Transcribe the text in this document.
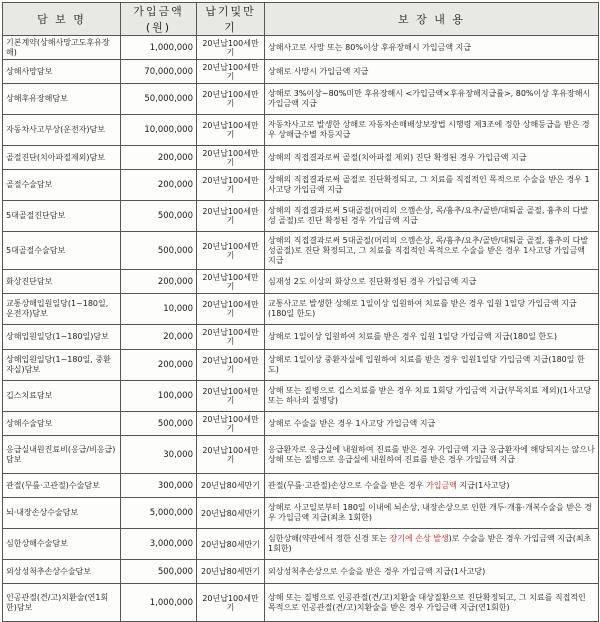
담 보 명	가입금액(원)	납기및만기	보 장 내 용
기본계약(상해사망고도후유장해)	1,000,000	20년납100세만기	상해사고로 사망 또는 80%이상 후유장해시 가입금액 지급
상해사망담보	70,000,000	20년납100세만기	상해로 사망시 가입금액 지급
상해후유장해담보	50,000,000	20년납100세만기	상해로 3%이상~80%미만 후유장해시 <가입금액×후유장해지급률>, 80%이상 후유장해시 가입금액 지급
자동차사고부상(운전자)담보	10,000,000	20년납100세만기	자동차사고로 발생한 상해로 자동차손해배상보장법 시행령 제3조에 정한 상해등급을 받은 경우 상해급수별 차등지급
골절진단(치아파절제외)담보	200,000	20년납100세만기	상해의 직접결과로써 골절(치아파절 제외) 진단 확정된 경우 가입금액 지급
골절수술담보	200,000	20년납100세만기	상해의 직접결과로써 골절로 진단확정되고, 그 치료를 직접적인 목적으로 수술을 받은 경우 1사고당 가입금액 지급
5대골절진단담보	500,000	20년납100세만기	상해의 직접결과로써 5대골절(머리의 으깸손상, 목/흉추/요추/골반/대퇴골 골절, 흉추의 다발성 골절)로 진단 확정된 경우 가입금액 지급
5대골절수술담보	500,000	20년납100세만기	상해의 직접결과로써 5대골절(머리의 으깸손상, 목/흉추/요추/골반/대퇴골 골절, 흉추의 다발성골절)로 진단 확정되고, 그 치료를 직접적인 목적으로 수술을 받은 경우 1사고당 가입금액 지급
화상진단담보	200,000	20년납100세만기	심재성 2도 이상의 화상으로 진단확정된 경우 가입금액 지급
교통상해입원일당(1~180일, 운전자)담보	10,000	20년납100세만기	교통사고로 발생한 상해로 1일이상 입원하여 치료를 받은 경우 입원 1일당 가입금액 지급(180일 한도)
상해입원일당(1~180일)담보	20,000	20년납100세만기	상해로 1일이상 입원하여 치료를 받은 경우 입원 1일당 가입금액 지급(180일 한도)
상해입원일당(1~180일, 중환자실)담보	200,000	20년납100세만기	상해로 1일이상 중환자실에 입원하여 치료를 받은 경우 입원1일당 가입금액 지급(180일 한도)
깁스치료담보	100,000	20년납100세만기	상해 또는 질병으로 깁스치료를 받은 경우 치료 1회당 가입금액 지급(부목치료 제외)(1사고당 또는 하나의 질병당)
상해수술담보	500,000	20년납100세만기	상해로 수술을 받은 경우 1사고당 가입금액 지급
응급실내원진료비(응급/비응급)담보	30,000	20년납100세만기	응급환자로 응급실에 내원하여 진료를 받은 경우 가입금액 지급 응급환자에 해당되지는 않으나 상해 또는 질병으로 응급실에 내원하여 진료를 받은 경우 가입금액 지급
관절(무릎·고관절)수술담보	300,000	20년납80세만기	관절(무릎·고관절)손상으로 수술을 받은 경우 가입금액 지급(1사고당)
뇌·내장손상수술담보	5,000,000	20년납80세만기	상해로 사고일로부터 180일 이내에 뇌손상, 내장손상으로 인한 개두·개흉·개복수술을 받은 경우 가입금액 지급(최초 1회한)
심한상해수술담보	3,000,000	20년납80세만기	심한상해(약관에서 정한 신경 또는 장기에 손상 발생)로 수술을 받은 경우 가입금액 지급(최초 1회한)
외상성척추손상수술담보	500,000	20년납80세만기	외상성척추손상으로 수술을 받은 경우 가입금액 지급(1사고당)
인공관절(견/고)치환술(연1회한)담보	1,000,000	20년납100세만기	상해 또는 질병으로 인공관절(견/고)치환술 대상질환으로 진단확정되고, 그 치료를 직접적인 목적으로 인공관절(견/고)치환술을 받은 경우 가입금액 지급(연1회한)
